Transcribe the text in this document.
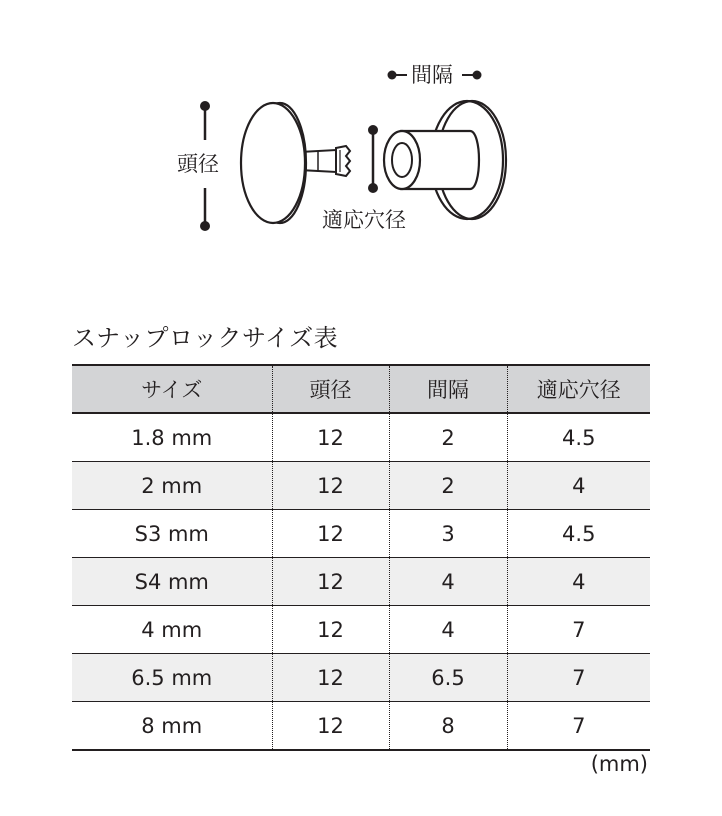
頭径
間隔
適応穴径
スナップロックサイズ表
サイズ	頭径	間隔	適応穴径
1.8 mm	12	2	4.5
2 mm	12	2	4
S3 mm	12	3	4.5
S4 mm	12	4	4
4 mm	12	4	7
6.5 mm	12	6.5	7
8 mm	12	8	7
(mm)
